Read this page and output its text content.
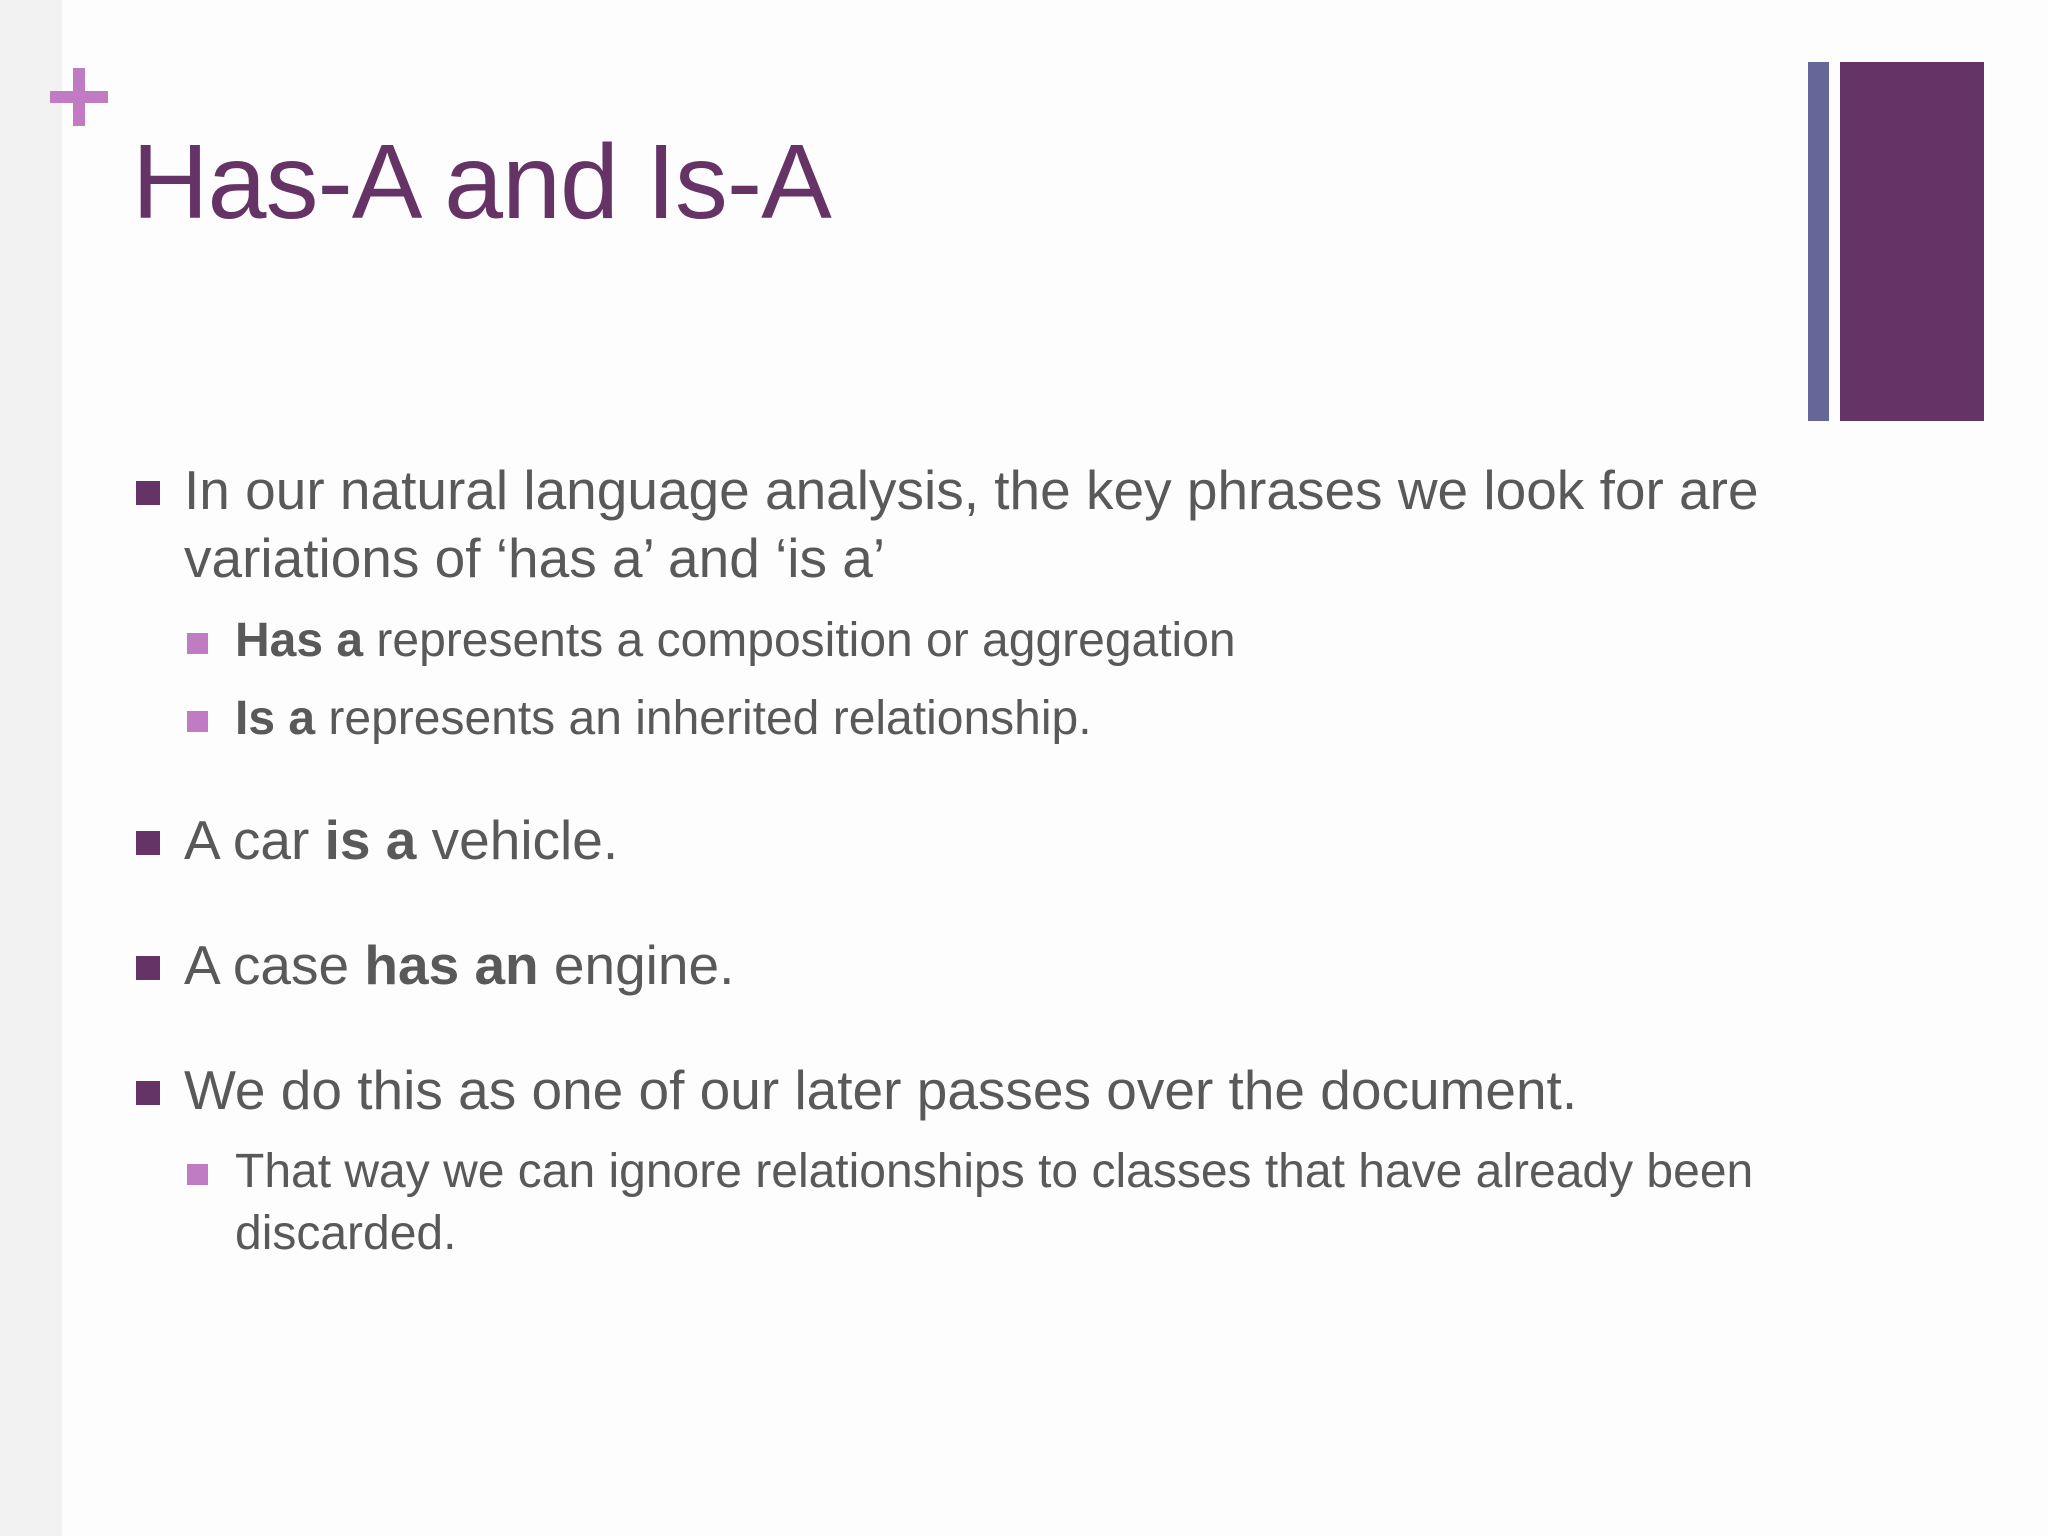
Has-A and Is-A
In our natural language analysis, the key phrases we look for are variations of ‘has a’ and ‘is a’
Has a represents a composition or aggregation
Is a represents an inherited relationship.
A car is a vehicle.
A case has an engine.
We do this as one of our later passes over the document.
That way we can ignore relationships to classes that have already been discarded.
